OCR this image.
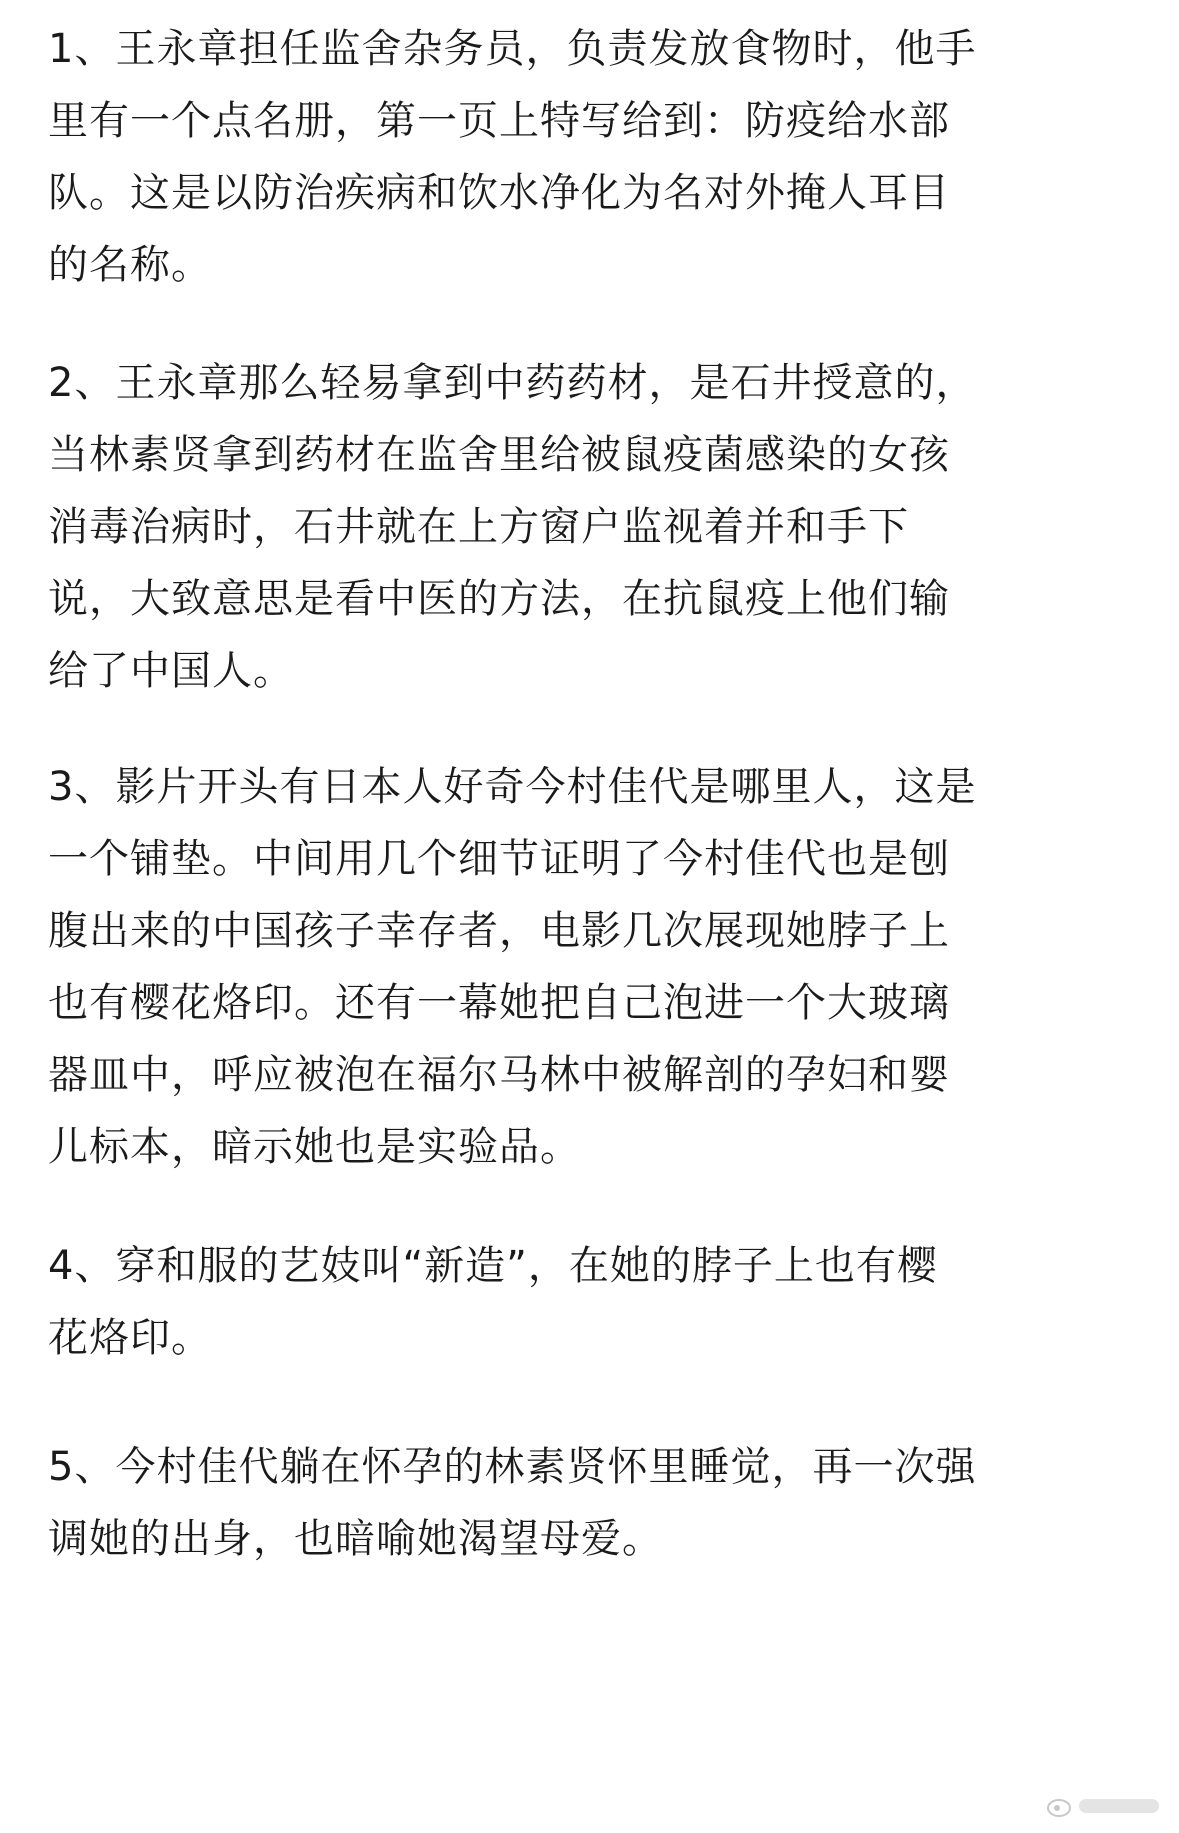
1、王永章担任监舍杂务员，负责发放食物时，他手
里有一个点名册，第一页上特写给到：防疫给水部
队。这是以防治疾病和饮水净化为名对外掩人耳目
的名称。
2、王永章那么轻易拿到中药药材，是石井授意的，
当林素贤拿到药材在监舍里给被鼠疫菌感染的女孩
消毒治病时，石井就在上方窗户监视着并和手下
说，大致意思是看中医的方法，在抗鼠疫上他们输
给了中国人。
3、影片开头有日本人好奇今村佳代是哪里人，这是
一个铺垫。中间用几个细节证明了今村佳代也是刨
腹出来的中国孩子幸存者，电影几次展现她脖子上
也有樱花烙印。还有一幕她把自己泡进一个大玻璃
器皿中，呼应被泡在福尔马林中被解剖的孕妇和婴
儿标本，暗示她也是实验品。
4、穿和服的艺妓叫“新造”，在她的脖子上也有樱
花烙印。
5、今村佳代躺在怀孕的林素贤怀里睡觉，再一次强
调她的出身，也暗喻她渴望母爱。
